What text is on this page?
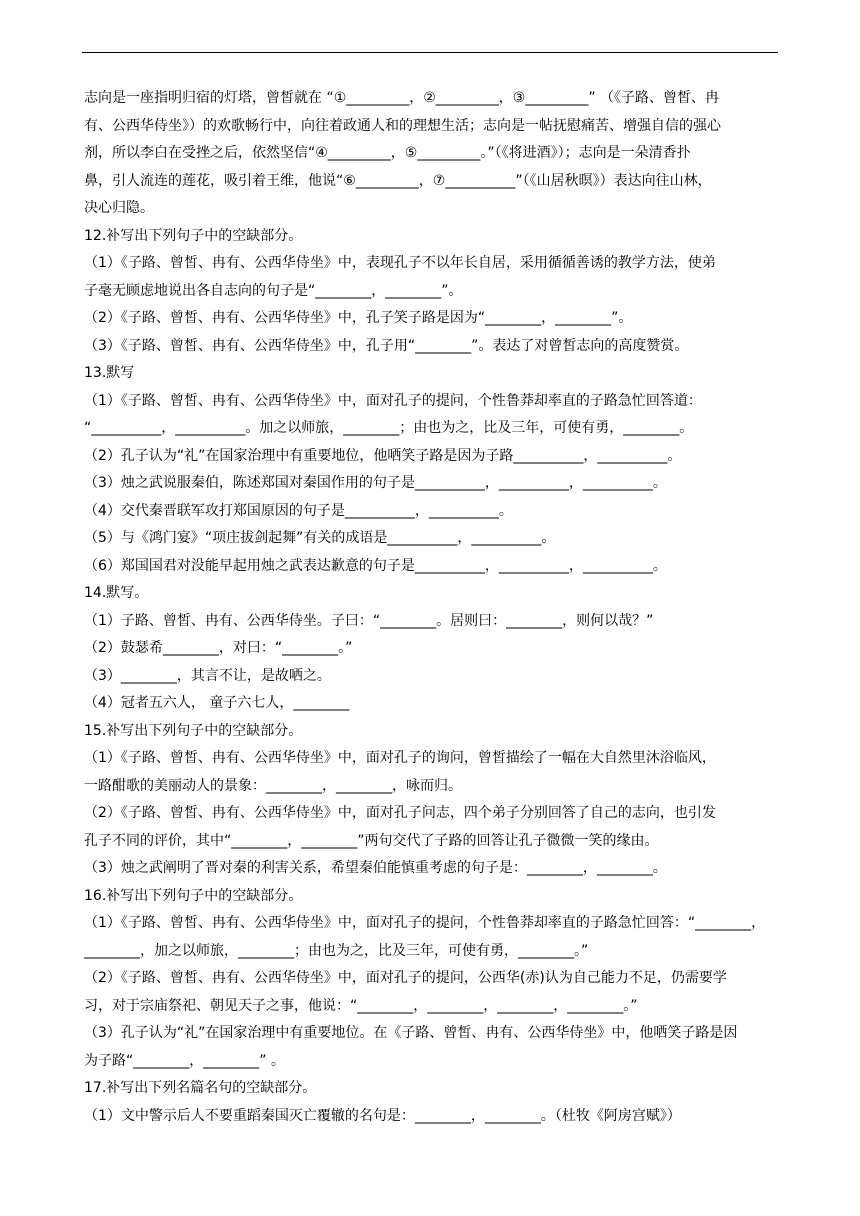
志向是一座指明归宿的灯塔，曾皙就在 “①_________，②_________，③_________” （《子路、曾皙、冉
有、公西华侍坐》）的欢歌畅行中，向往着政通人和的理想生活；志向是一帖抚慰痛苦、增强自信的强心
剂，所以李白在受挫之后，依然坚信“④_________，⑤_________。”（《将进酒》）；志向是一朵清香扑
鼻，引人流连的莲花，吸引着王维，他说“⑥_________，⑦__________”（《山居秋暝》）表达向往山林，
决心归隐。
12.补写出下列句子中的空缺部分。
（1）《子路、曾皙、冉有、公西华侍坐》中，表现孔子不以年长自居，采用循循善诱的教学方法，使弟
子毫无顾虑地说出各自志向的句子是“________，________”。
（2）《子路、曾皙、冉有、公西华侍坐》中，孔子笑子路是因为“________，________”。
（3）《子路、曾皙、冉有、公西华侍坐》中，孔子用“________”。表达了对曾皙志向的高度赞赏。
13.默写
（1）《子路、曾皙、冉有、公西华侍坐》中，面对孔子的提问，个性鲁莽却率直的子路急忙回答道：
“__________，__________。加之以师旅，________；由也为之，比及三年，可使有勇，________。
（2）孔子认为“礼”在国家治理中有重要地位，他哂笑子路是因为子路__________，__________。
（3）烛之武说服秦伯，陈述郑国对秦国作用的句子是__________，__________，__________。
（4）交代秦晋联军攻打郑国原因的句子是__________，__________。
（5）与《鸿门宴》“项庄拔剑起舞”有关的成语是__________，__________。
（6）郑国国君对没能早起用烛之武表达歉意的句子是__________，__________，__________。
14.默写。
（1）子路、曾皙、冉有、公西华侍坐。子曰：“________。居则曰：________，则何以哉？”
（2）鼓瑟希________，对曰：“________。”
（3）________，其言不让，是故哂之。
（4）冠者五六人， 童子六七人，________
15.补写出下列句子中的空缺部分。
（1）《子路、曾皙、冉有、公西华侍坐》中，面对孔子的询问，曾皙描绘了一幅在大自然里沐浴临风，
一路酣歌的美丽动人的景象：________，________，咏而归。
（2）《子路、曾皙、冉有、公西华侍坐》中，面对孔子问志，四个弟子分别回答了自己的志向，也引发
孔子不同的评价，其中“________，________”两句交代了子路的回答让孔子微微一笑的缘由。
（3）烛之武阐明了晋对秦的利害关系，希望秦伯能慎重考虑的句子是：________，________。
16.补写出下列句子中的空缺部分。
（1）《子路、曾皙、冉有、公西华侍坐》中，面对孔子的提问，个性鲁莽却率直的子路急忙回答：“________，
________，加之以师旅，________；由也为之，比及三年，可使有勇，________。”
（2）《子路、曾皙、冉有、公西华侍坐》中，面对孔子的提问，公西华(赤)认为自己能力不足，仍需要学
习，对于宗庙祭祀、朝见天子之事，他说：“________，________，________，________。”
（3）孔子认为“礼”在国家治理中有重要地位。在《子路、曾皙、冉有、公西华侍坐》中，他哂笑子路是因
为子路“________，________” 。
17.补写出下列名篇名句的空缺部分。
（1）文中警示后人不要重蹈秦国灭亡覆辙的名句是：________，________。（杜牧《阿房宫赋》）
